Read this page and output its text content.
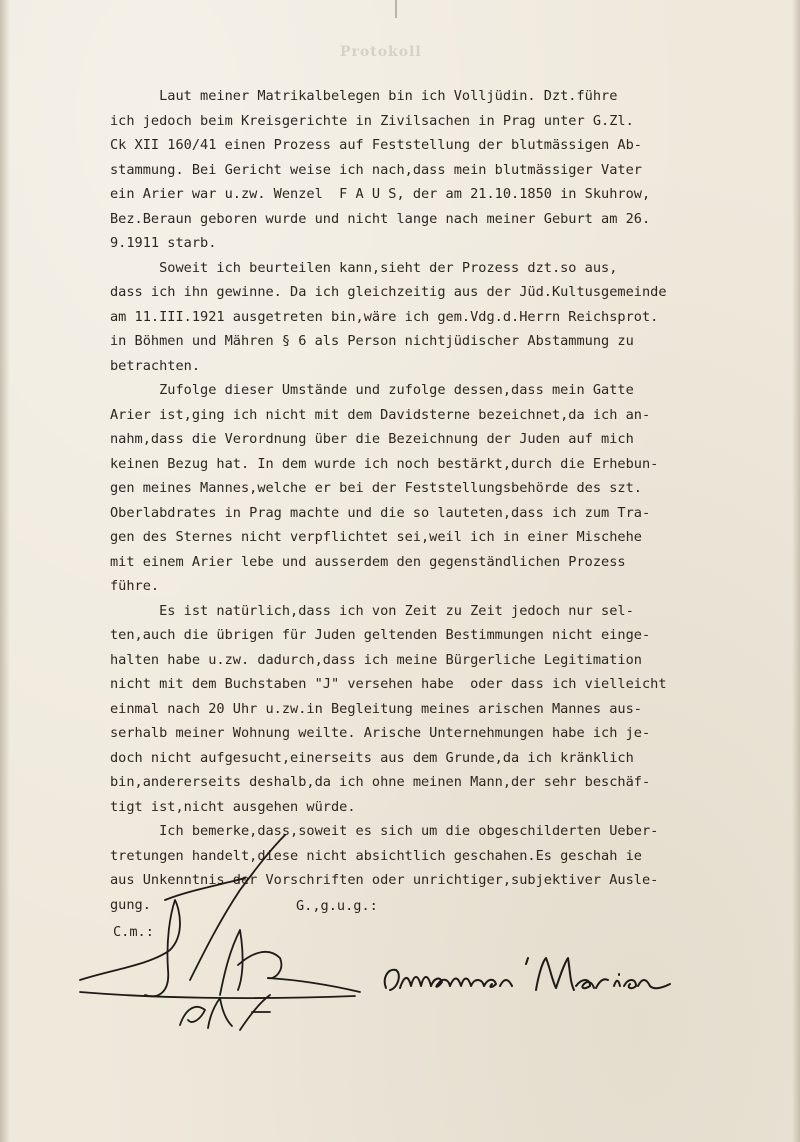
Protokoll
Laut meiner Matrikalbelegen bin ich Volljüdin. Dzt.führe
ich jedoch beim Kreisgerichte in Zivilsachen in Prag unter G.Zl.
Ck XII 160/41 einen Prozess auf Feststellung der blutmässigen Ab-
stammung. Bei Gericht weise ich nach,dass mein blutmässiger Vater
ein Arier war u.zw. Wenzel  F A U S, der am 21.10.1850 in Skuhrow,
Bez.Beraun geboren wurde und nicht lange nach meiner Geburt am 26.
9.1911 starb.
Soweit ich beurteilen kann,sieht der Prozess dzt.so aus,
dass ich ihn gewinne. Da ich gleichzeitig aus der Jüd.Kultusgemeinde
am 11.III.1921 ausgetreten bin,wäre ich gem.Vdg.d.Herrn Reichsprot.
in Böhmen und Mähren § 6 als Person nichtjüdischer Abstammung zu
betrachten.
Zufolge dieser Umstände und zufolge dessen,dass mein Gatte
Arier ist,ging ich nicht mit dem Davidsterne bezeichnet,da ich an-
nahm,dass die Verordnung über die Bezeichnung der Juden auf mich
keinen Bezug hat. In dem wurde ich noch bestärkt,durch die Erhebun-
gen meines Mannes,welche er bei der Feststellungsbehörde des szt.
Oberlabdrates in Prag machte und die so lauteten,dass ich zum Tra-
gen des Sternes nicht verpflichtet sei,weil ich in einer Mischehe
mit einem Arier lebe und ausserdem den gegenständlichen Prozess
führe.
Es ist natürlich,dass ich von Zeit zu Zeit jedoch nur sel-
ten,auch die übrigen für Juden geltenden Bestimmungen nicht einge-
halten habe u.zw. dadurch,dass ich meine Bürgerliche Legitimation
nicht mit dem Buchstaben "J" versehen habe  oder dass ich vielleicht
einmal nach 20 Uhr u.zw.in Begleitung meines arischen Mannes aus-
serhalb meiner Wohnung weilte. Arische Unternehmungen habe ich je-
doch nicht aufgesucht,einerseits aus dem Grunde,da ich kränklich
bin,andererseits deshalb,da ich ohne meinen Mann,der sehr beschäf-
tigt ist,nicht ausgehen würde.
Ich bemerke,dass,soweit es sich um die obgeschilderten Ueber-
tretungen handelt,diese nicht absichtlich geschahen.Es geschah ie
aus Unkenntnis der Vorschriften oder unrichtiger,subjektiver Ausle-
gung.	G.,g.u.g.:
C.m.:
